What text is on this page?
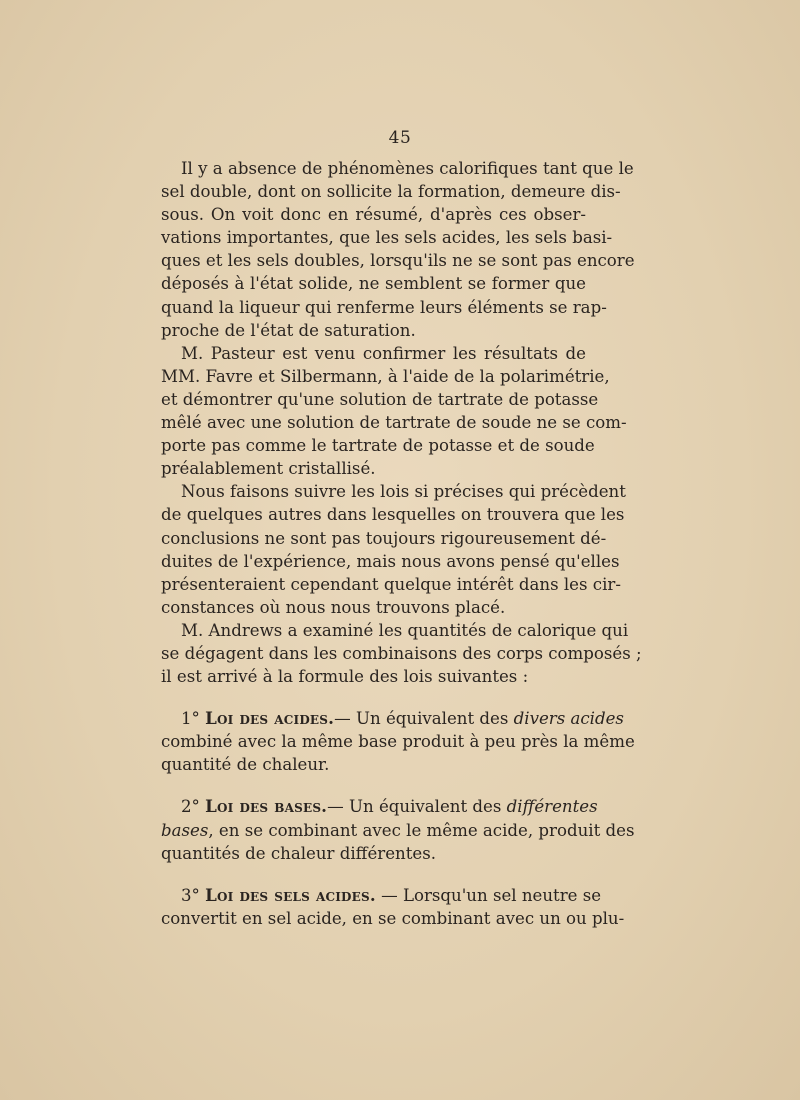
45

Il y a absence de phénomènes calorifiques tant que le
sel double, dont on sollicite la formation, demeure dis-
sous. On voit donc en résumé, d'après ces obser-
vations importantes, que les sels acides, les sels basi-
ques et les sels doubles, lorsqu'ils ne se sont pas encore
déposés à l'état solide, ne semblent se former que
quand la liqueur qui renferme leurs éléments se rap-
proche de l'état de saturation.

M. Pasteur est venu confirmer les résultats de
MM. Favre et Silbermann, à l'aide de la polarimétrie,
et démontrer qu'une solution de tartrate de potasse
mêlé avec une solution de tartrate de soude ne se com-
porte pas comme le tartrate de potasse et de soude
préalablement cristallisé.

Nous faisons suivre les lois si précises qui précèdent
de quelques autres dans lesquelles on trouvera que les
conclusions ne sont pas toujours rigoureusement dé-
duites de l'expérience, mais nous avons pensé qu'elles
présenteraient cependant quelque intérêt dans les cir-
constances où nous nous trouvons placé.

M. Andrews a examiné les quantités de calorique qui
se dégagent dans les combinaisons des corps composés ;
il est arrivé à la formule des lois suivantes :

1° Loi des acides.— Un équivalent des divers acides
combiné avec la même base produit à peu près la même
quantité de chaleur.

2° Loi des bases.— Un équivalent des différentes
bases, en se combinant avec le même acide, produit des
quantités de chaleur différentes.

3° Loi des sels acides. — Lorsqu'un sel neutre se
convertit en sel acide, en se combinant avec un ou plu-
